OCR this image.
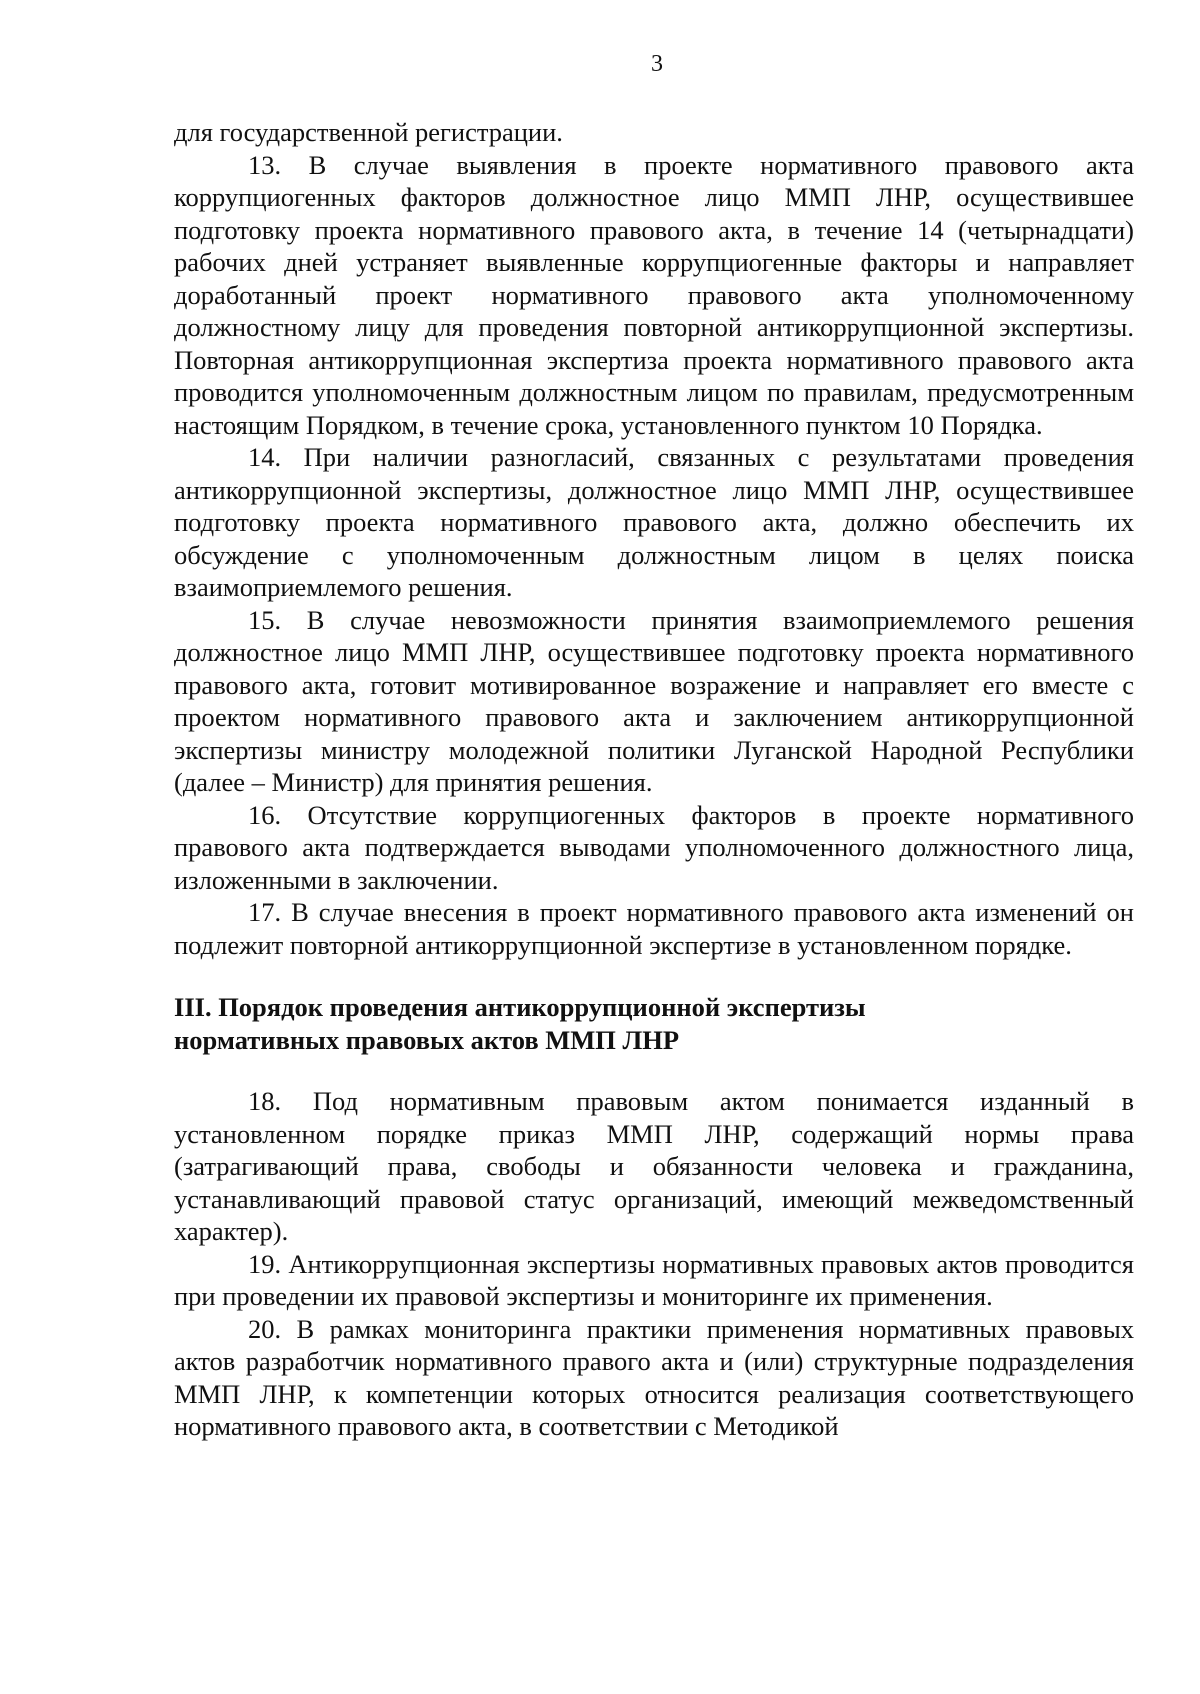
3

для государственной регистрации.

13. В случае выявления в проекте нормативного правового акта коррупциогенных факторов должностное лицо ММП ЛНР, осуществившее подготовку проекта нормативного правового акта, в течение 14 (четырнадцати) рабочих дней устраняет выявленные коррупциогенные факторы и направляет доработанный проект нормативного правового акта уполномоченному должностному лицу для проведения повторной антикоррупционной экспертизы. Повторная антикоррупционная экспертиза проекта нормативного правового акта проводится уполномоченным должностным лицом по правилам, предусмотренным настоящим Порядком, в течение срока, установленного пунктом 10 Порядка.

14. При наличии разногласий, связанных с результатами проведения антикоррупционной экспертизы, должностное лицо ММП ЛНР, осуществившее подготовку проекта нормативного правового акта, должно обеспечить их обсуждение с уполномоченным должностным лицом в целях поиска взаимоприемлемого решения.

15. В случае невозможности принятия взаимоприемлемого решения должностное лицо ММП ЛНР, осуществившее подготовку проекта нормативного правового акта, готовит мотивированное возражение и направляет его вместе с проектом нормативного правового акта и заключением антикоррупционной экспертизы министру молодежной политики Луганской Народной Республики (далее – Министр) для принятия решения.

16. Отсутствие коррупциогенных факторов в проекте нормативного правового акта подтверждается выводами уполномоченного должностного лица, изложенными в заключении.

17. В случае внесения в проект нормативного правового акта изменений он подлежит повторной антикоррупционной экспертизе в установленном порядке.

III. Порядок проведения антикоррупционной экспертизы

нормативных правовых актов ММП ЛНР

18. Под нормативным правовым актом понимается изданный в установленном порядке приказ ММП ЛНР, содержащий нормы права (затрагивающий права, свободы и обязанности человека и гражданина, устанавливающий правовой статус организаций, имеющий межведомственный характер).

19. Антикоррупционная экспертизы нормативных правовых актов проводится при проведении их правовой экспертизы и мониторинге их применения.

20. В рамках мониторинга практики применения нормативных правовых актов разработчик нормативного правого акта и (или) структурные подразделения ММП ЛНР, к компетенции которых относится реализация соответствующего нормативного правового акта, в соответствии с Методикой
